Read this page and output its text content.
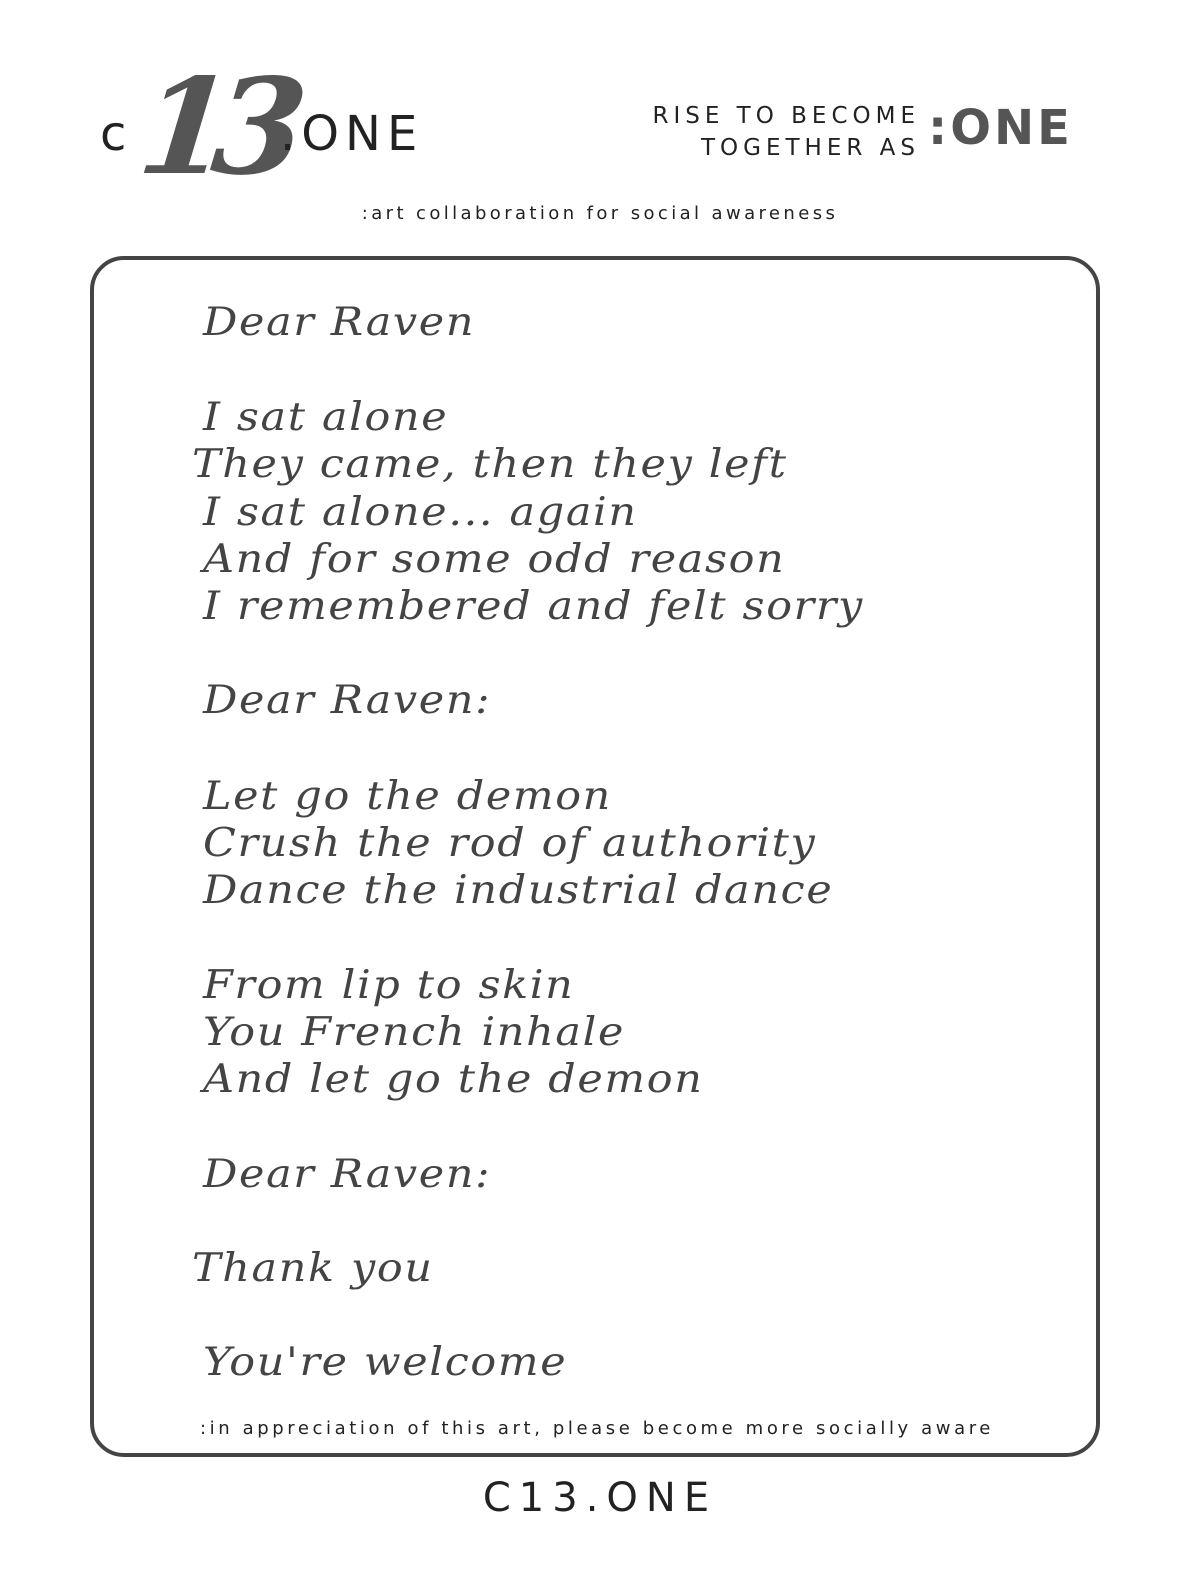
c 13
.ONE	RISE TO BECOME
TOGETHER AS :ONE
:art collaboration for social awareness
Dear Raven
I sat alone
They came, then they left
I sat alone... again
And for some odd reason
I remembered and felt sorry
Dear Raven:
Let go the demon
Crush the rod of authority
Dance the industrial dance
From lip to skin
You French inhale
And let go the demon
Dear Raven:
Thank you
You're welcome
:in appreciation of this art, please become more socially aware
C13.ONE
